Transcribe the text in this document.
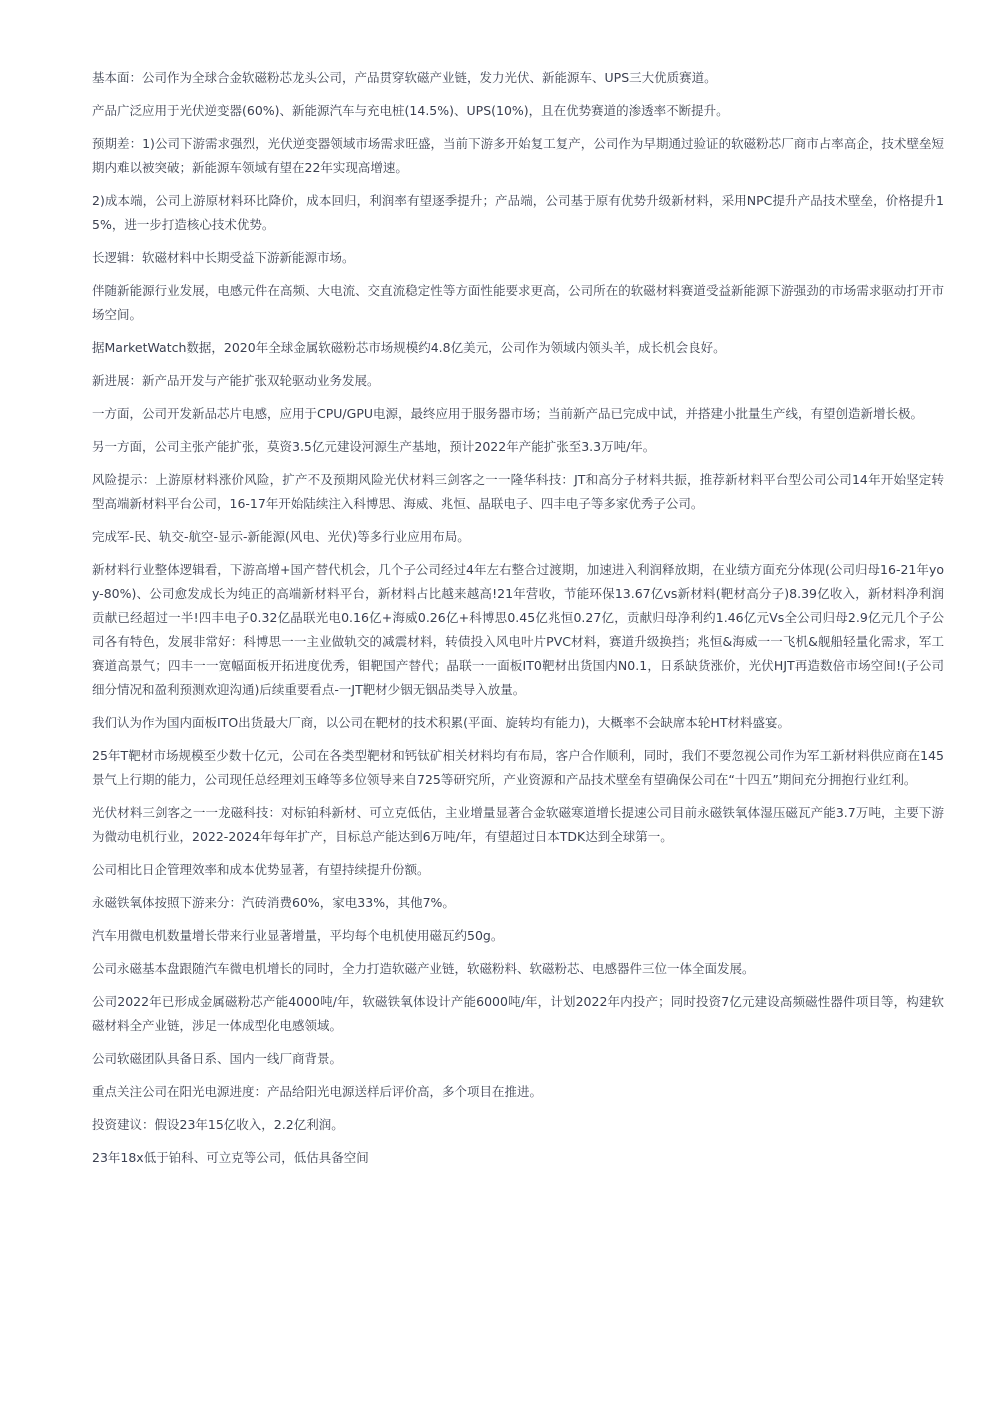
基本面：公司作为全球合金软磁粉芯龙头公司，产品贯穿软磁产业链，发力光伏、新能源车、UPS三大优质赛道。

产品广泛应用于光伏逆变器(60%)、新能源汽车与充电桩(14.5%)、UPS(10%)，且在优势赛道的渗透率不断提升。

预期差：1)公司下游需求强烈，光伏逆变器领域市场需求旺盛，当前下游多开始复工复产，公司作为早期通过验证的软磁粉芯厂商市占率高企，技术壁垒短期内难以被突破；新能源车领域有望在22年实现高增速。

2)成本端，公司上游原材料环比降价，成本回归，利润率有望逐季提升；产品端，公司基于原有优势升级新材料，采用NPC提升产品技术壁垒，价格提升15%，进一步打造核心技术优势。

长逻辑：软磁材料中长期受益下游新能源市场。

伴随新能源行业发展，电感元件在高频、大电流、交直流稳定性等方面性能要求更高，公司所在的软磁材料赛道受益新能源下游强劲的市场需求驱动打开市场空间。

据MarketWatch数据，2020年全球金属软磁粉芯市场规模约4.8亿美元，公司作为领域内领头羊，成长机会良好。

新进展：新产品开发与产能扩张双轮驱动业务发展。

一方面，公司开发新品芯片电感，应用于CPU/GPU电源，最终应用于服务器市场；当前新产品已完成中试，并搭建小批量生产线，有望创造新增长极。

另一方面，公司主张产能扩张，莫资3.5亿元建设河源生产基地，预计2022年产能扩张至3.3万吨/年。

风险提示：上游原材料涨价风险，扩产不及预期风险光伏材料三剑客之一一隆华科技：JT和高分子材料共振，推荐新材料平台型公司公司14年开始坚定转型高端新材料平台公司，16-17年开始陆续注入科博思、海威、兆恒、晶联电子、四丰电子等多家优秀子公司。

完成军-民、轨交-航空-显示-新能源(风电、光伏)等多行业应用布局。

新材料行业整体逻辑看，下游高增+国产替代机会，几个子公司经过4年左右整合过渡期，加速进入利润释放期，在业绩方面充分体现(公司归母16-21年yoy-80%)、公司愈发成长为纯正的高端新材料平台，新材料占比越来越高!21年营收，节能环保13.67亿vs新材料(靶材高分子)8.39亿收入，新材料净利润贡献已经超过一半!四丰电子0.32亿晶联光电0.16亿+海威0.26亿+科博思0.45亿兆恒0.27亿，贡献归母净利约1.46亿元Vs全公司归母2.9亿元几个子公司各有特色，发展非常好：科博思一一主业做轨交的减震材料，转债投入风电叶片PVC材料，赛道升级换挡；兆恒&海威一一飞机&舰船轻量化需求，军工赛道高景气；四丰一一宽幅面板开拓进度优秀，钼靶国产替代；晶联一一面板IT0靶材出货国内N0.1，日系缺货涨价，光伏HJT再造数倍市场空间!(子公司细分情况和盈利预测欢迎沟通)后续重要看点-一JT靶材少铟无铟品类导入放量。

我们认为作为国内面板ITO出货最大厂商，以公司在靶材的技术积累(平面、旋转均有能力)，大概率不会缺席本轮HT材料盛宴。

25年T靶材市场规模至少数十亿元，公司在各类型靶材和钙钛矿相关材料均有布局，客户合作顺利，同时，我们不要忽视公司作为军工新材料供应商在145景气上行期的能力，公司现任总经理刘玉峰等多位领导来自725等研究所，产业资源和产品技术壁垒有望确保公司在“十四五”期间充分拥抱行业红利。

光伏材料三剑客之一一龙磁科技：对标铂科新材、可立克低估，主业增量显著合金软磁寒道增长提速公司目前永磁铁氧体湿压磁瓦产能3.7万吨，主要下游为微动电机行业，2022-2024年每年扩产，目标总产能达到6万吨/年，有望超过日本TDK达到全球第一。

公司相比日企管理效率和成本优势显著，有望持续提升份额。

永磁铁氧体按照下游来分：汽砖消费60%，家电33%，其他7%。

汽车用微电机数量增长带来行业显著增量，平均每个电机使用磁瓦约50g。

公司永磁基本盘跟随汽车微电机增长的同时，全力打造软磁产业链，软磁粉料、软磁粉芯、电感器件三位一体全面发展。

公司2022年已形成金属磁粉芯产能4000吨/年，软磁铁氧体设计产能6000吨/年，计划2022年内投产；同时投资7亿元建设高频磁性器件项目等，构建软磁材料全产业链，涉足一体成型化电感领域。

公司软磁团队具备日系、国内一线厂商背景。

重点关注公司在阳光电源进度：产品给阳光电源送样后评价高，多个项目在推进。

投资建议：假设23年15亿收入，2.2亿利润。

23年18x低于铂科、可立克等公司，低估具备空间
